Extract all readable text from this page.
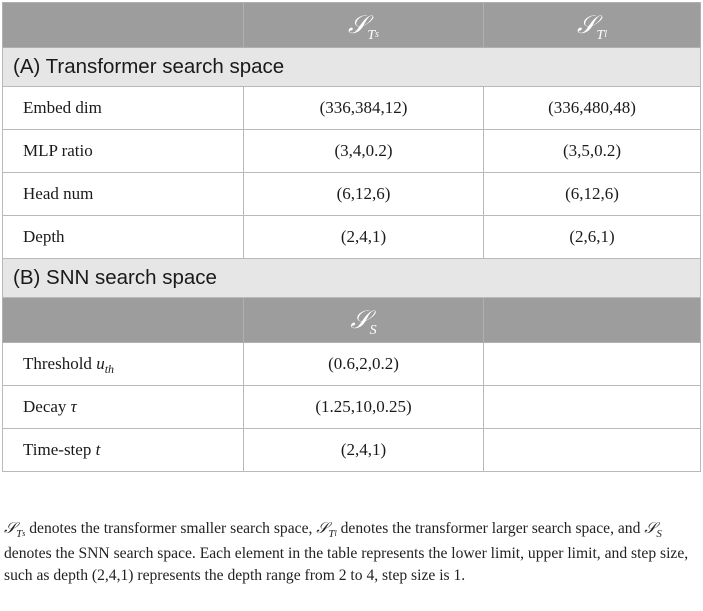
	𝒮$_T$s	𝒮$_T$l
(A) Transformer search space		
Embed dim	(336,384,12)	(336,480,48)
MLP ratio	(3,4,0.2)	(3,5,0.2)
Head num	(6,12,6)	(6,12,6)
Depth	(2,4,1)	(2,6,1)
(B) SNN search space		
	𝒮$_S$	
Threshold $u_{th}$	(0.6,2,0.2)	
Decay τ	(1.25,10,0.25)	
Time-step t	(2,4,1)	
𝒮$_T$s denotes the transformer smaller search space, 𝒮$_T$l denotes the transformer larger search space, and 𝒮$_S$ denotes the SNN search space. Each element in the table represents the lower limit, upper limit, and step size, such as depth (2,4,1) represents the depth range from 2 to 4, step size is 1.
